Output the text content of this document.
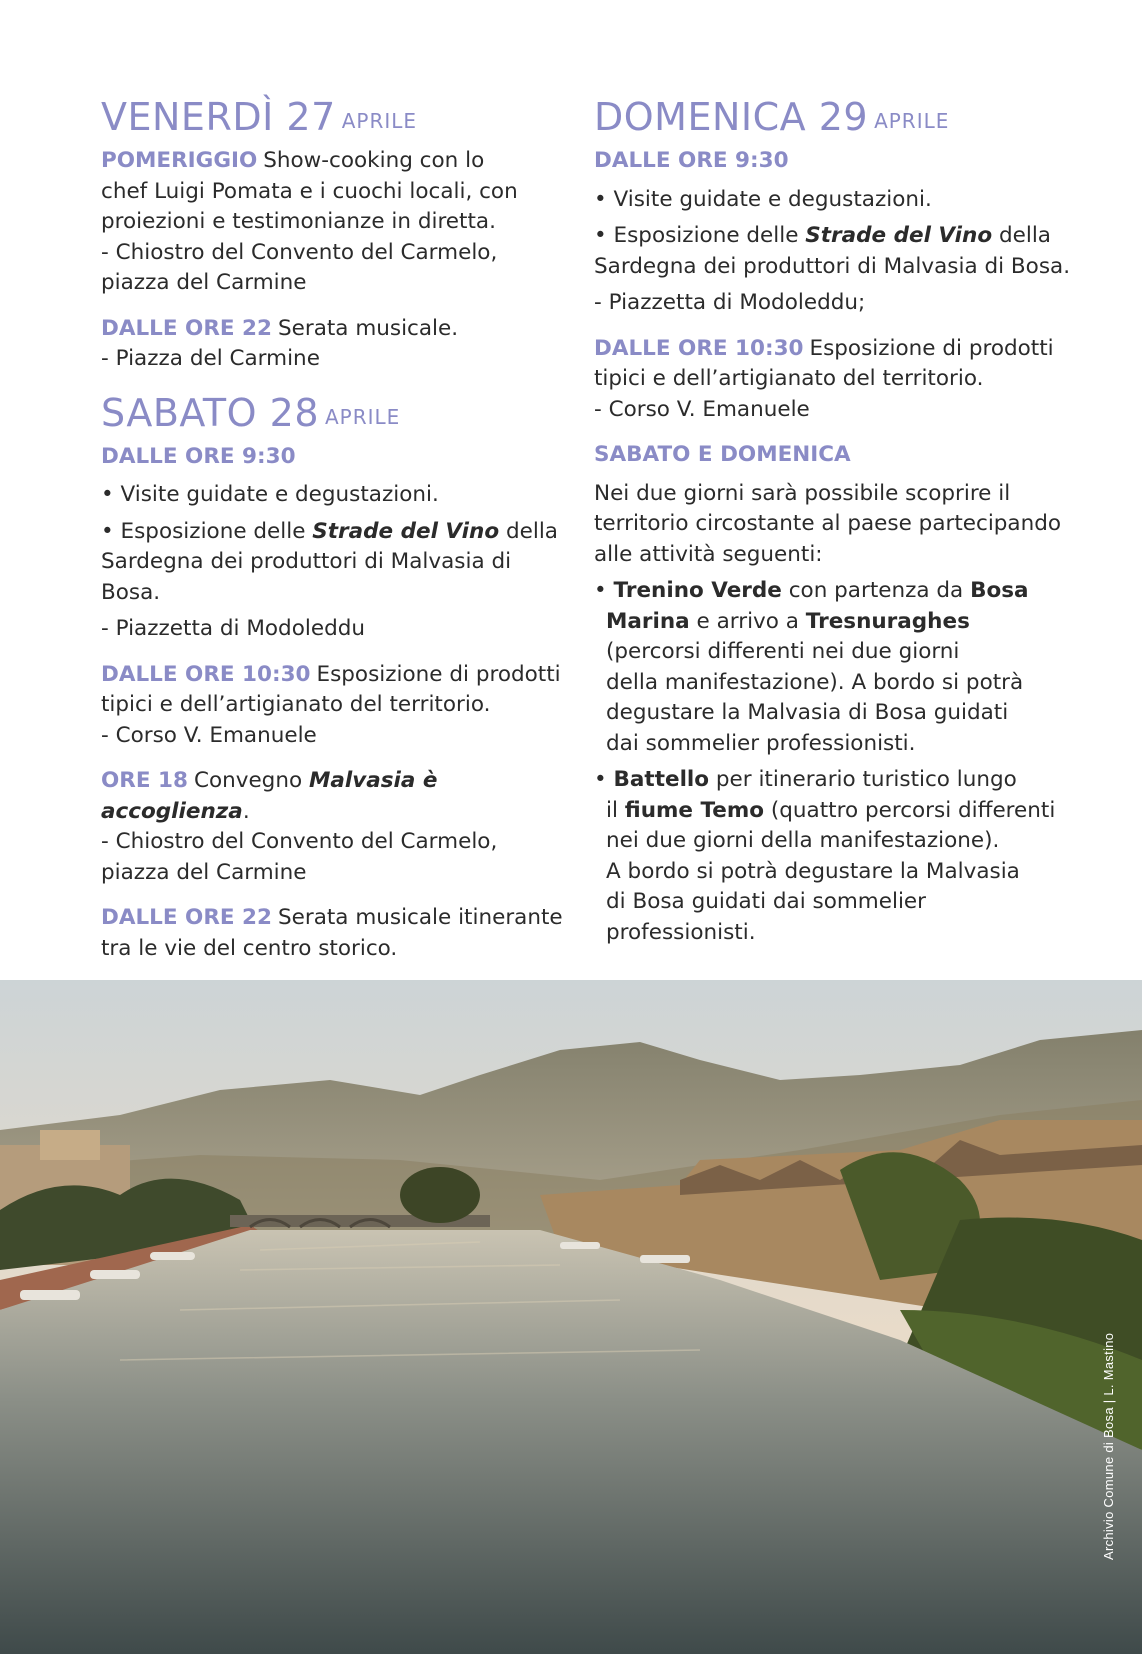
VENERDÌ 27 $^{APRILE}$
POMERIGGIO Show-cooking con lo
chef Luigi Pomata e i cuochi locali, con
proiezioni e testimonianze in diretta.
- Chiostro del Convento del Carmelo,
piazza del Carmine
DALLE ORE 22 Serata musicale.
- Piazza del Carmine
SABATO 28 $^{APRILE}$
DALLE ORE 9:30
• Visite guidate e degustazioni.
• Esposizione delle Strade del Vino della
Sardegna dei produttori di Malvasia di Bosa.
- Piazzetta di Modoleddu
DALLE ORE 10:30 Esposizione di prodotti
tipici e dell’artigianato del territorio.
- Corso V. Emanuele
ORE 18 Convegno Malvasia è accoglienza.
- Chiostro del Convento del Carmelo,
piazza del Carmine
DALLE ORE 22 Serata musicale itinerante
tra le vie del centro storico.
DOMENICA 29 $^{APRILE}$
DALLE ORE 9:30
• Visite guidate e degustazioni.
• Esposizione delle Strade del Vino della
Sardegna dei produttori di Malvasia di Bosa.
- Piazzetta di Modoleddu;
DALLE ORE 10:30 Esposizione di prodotti
tipici e dell’artigianato del territorio.
- Corso V. Emanuele
SABATO E DOMENICA
Nei due giorni sarà possibile scoprire il
territorio circostante al paese partecipando
alle attività seguenti:
• Trenino Verde con partenza da Bosa
Marina e arrivo a Tresnuraghes
(percorsi differenti nei due giorni
della manifestazione). A bordo si potrà
degustare la Malvasia di Bosa guidati
dai sommelier professionisti.
• Battello per itinerario turistico lungo
il fiume Temo (quattro percorsi differenti
nei due giorni della manifestazione).
A bordo si potrà degustare la Malvasia
di Bosa guidati dai sommelier professionisti.
Archivio Comune di Bosa | L. Mastino
